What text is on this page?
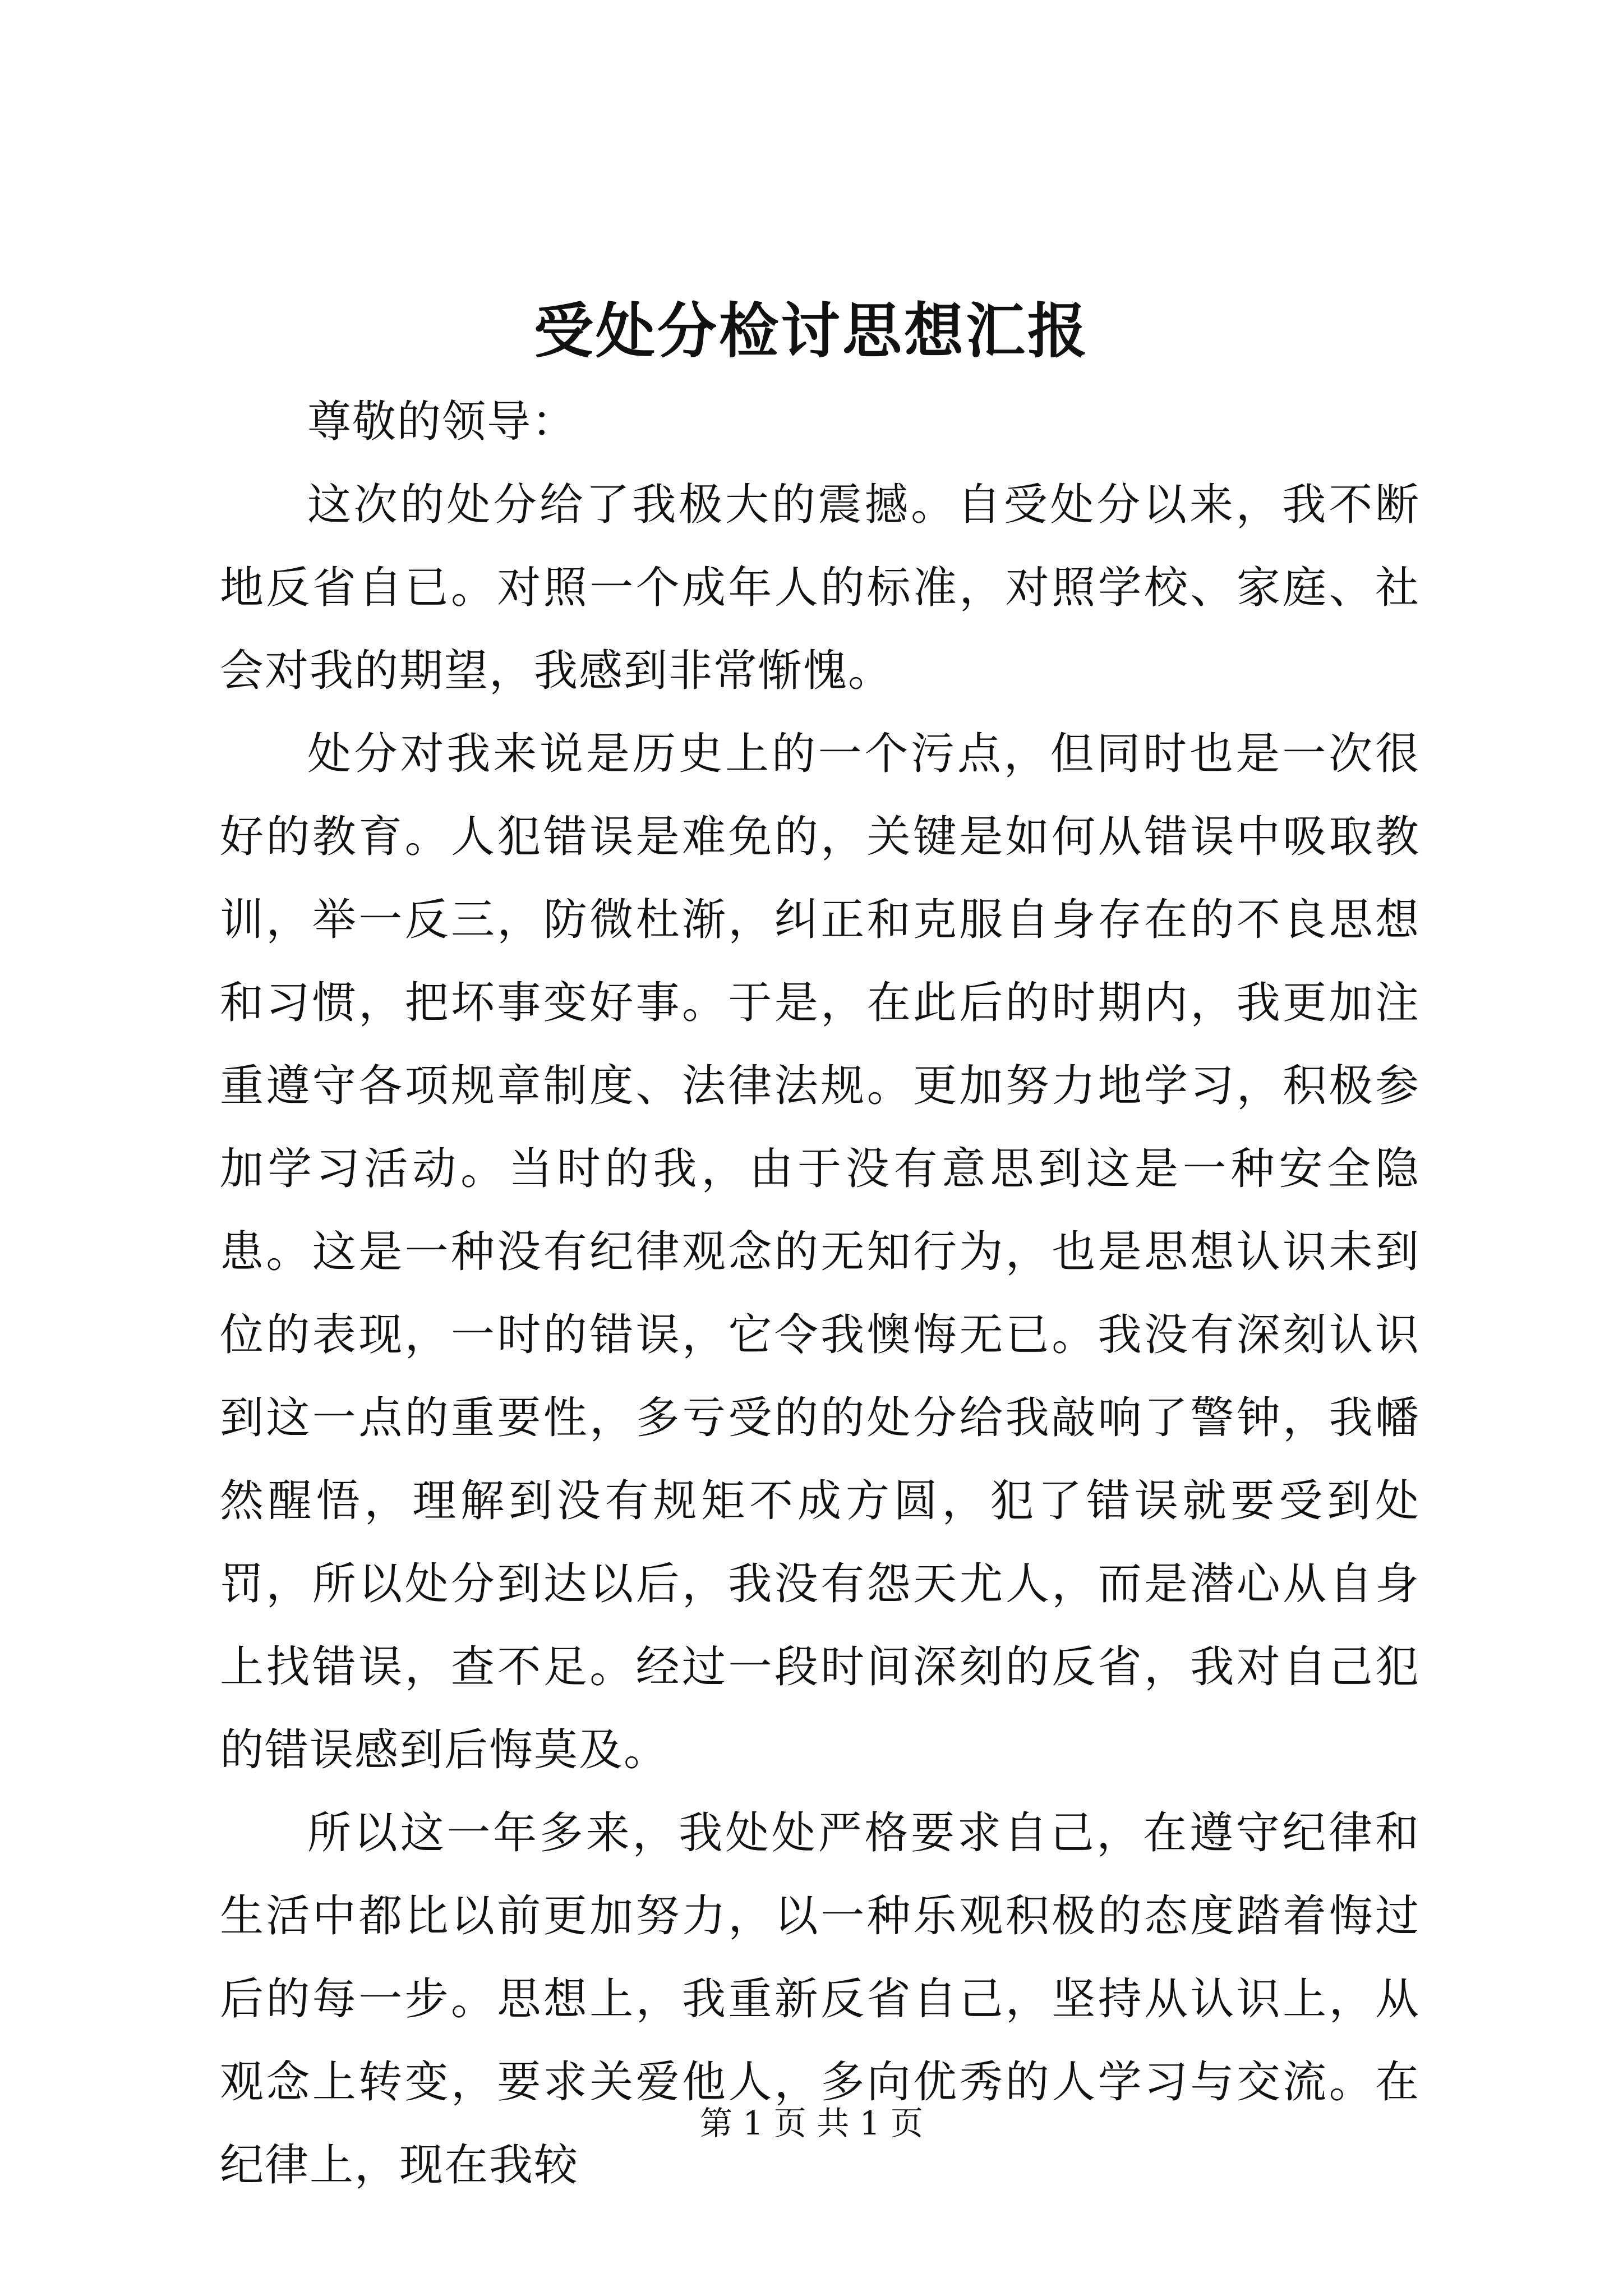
受处分检讨思想汇报

尊敬的领导：

这次的处分给了我极大的震撼。自受处分以来，我不断地反省自已。对照一个成年人的标准，对照学校、家庭、社会对我的期望，我感到非常惭愧。

处分对我来说是历史上的一个污点，但同时也是一次很好的教育。人犯错误是难免的，关键是如何从错误中吸取教训，举一反三，防微杜渐，纠正和克服自身存在的不良思想和习惯，把坏事变好事。于是，在此后的时期内，我更加注重遵守各项规章制度、法律法规。更加努力地学习，积极参加学习活动。当时的我，由于没有意思到这是一种安全隐患。这是一种没有纪律观念的无知行为，也是思想认识未到位的表现，一时的错误，它令我懊悔无已。我没有深刻认识到这一点的重要性，多亏受的的处分给我敲响了警钟，我幡然醒悟，理解到没有规矩不成方圆，犯了错误就要受到处罚，所以处分到达以后，我没有怨天尤人，而是潜心从自身上找错误，查不足。经过一段时间深刻的反省，我对自己犯的错误感到后悔莫及。

所以这一年多来，我处处严格要求自己，在遵守纪律和生活中都比以前更加努力，以一种乐观积极的态度踏着悔过后的每一步。思想上，我重新反省自己，坚持从认识上，从观念上转变，要求关爱他人，多向优秀的人学习与交流。在纪律上，现在我较

第 1 页 共 1 页
